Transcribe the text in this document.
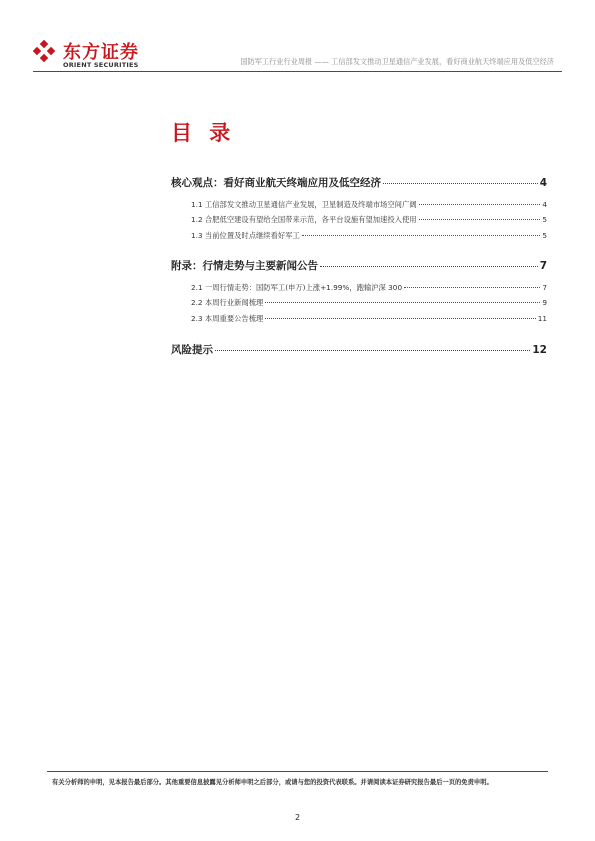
东方证券
ORIENT SECURITIES	国防军工行业行业周报 —— 工信部发文推动卫星通信产业发展，看好商业航天终端应用及低空经济
目 录
核心观点：看好商业航天终端应用及低空经济	4
1.1 工信部发文推动卫星通信产业发展，卫星制造及终端市场空间广阔	4
1.2 合肥低空建设有望给全国带来示范，各平台设施有望加速投入使用	5
1.3 当前位置及时点继续看好军工	5
附录：行情走势与主要新闻公告	7
2.1 一周行情走势：国防军工(申万)上涨+1.99%，跑输沪深 300	7
2.2 本周行业新闻梳理	9
2.3 本周重要公告梳理	11
风险提示	12
有关分析师的申明，见本报告最后部分。其他重要信息披露见分析师申明之后部分，或请与您的投资代表联系。并请阅读本证券研究报告最后一页的免责申明。
2
